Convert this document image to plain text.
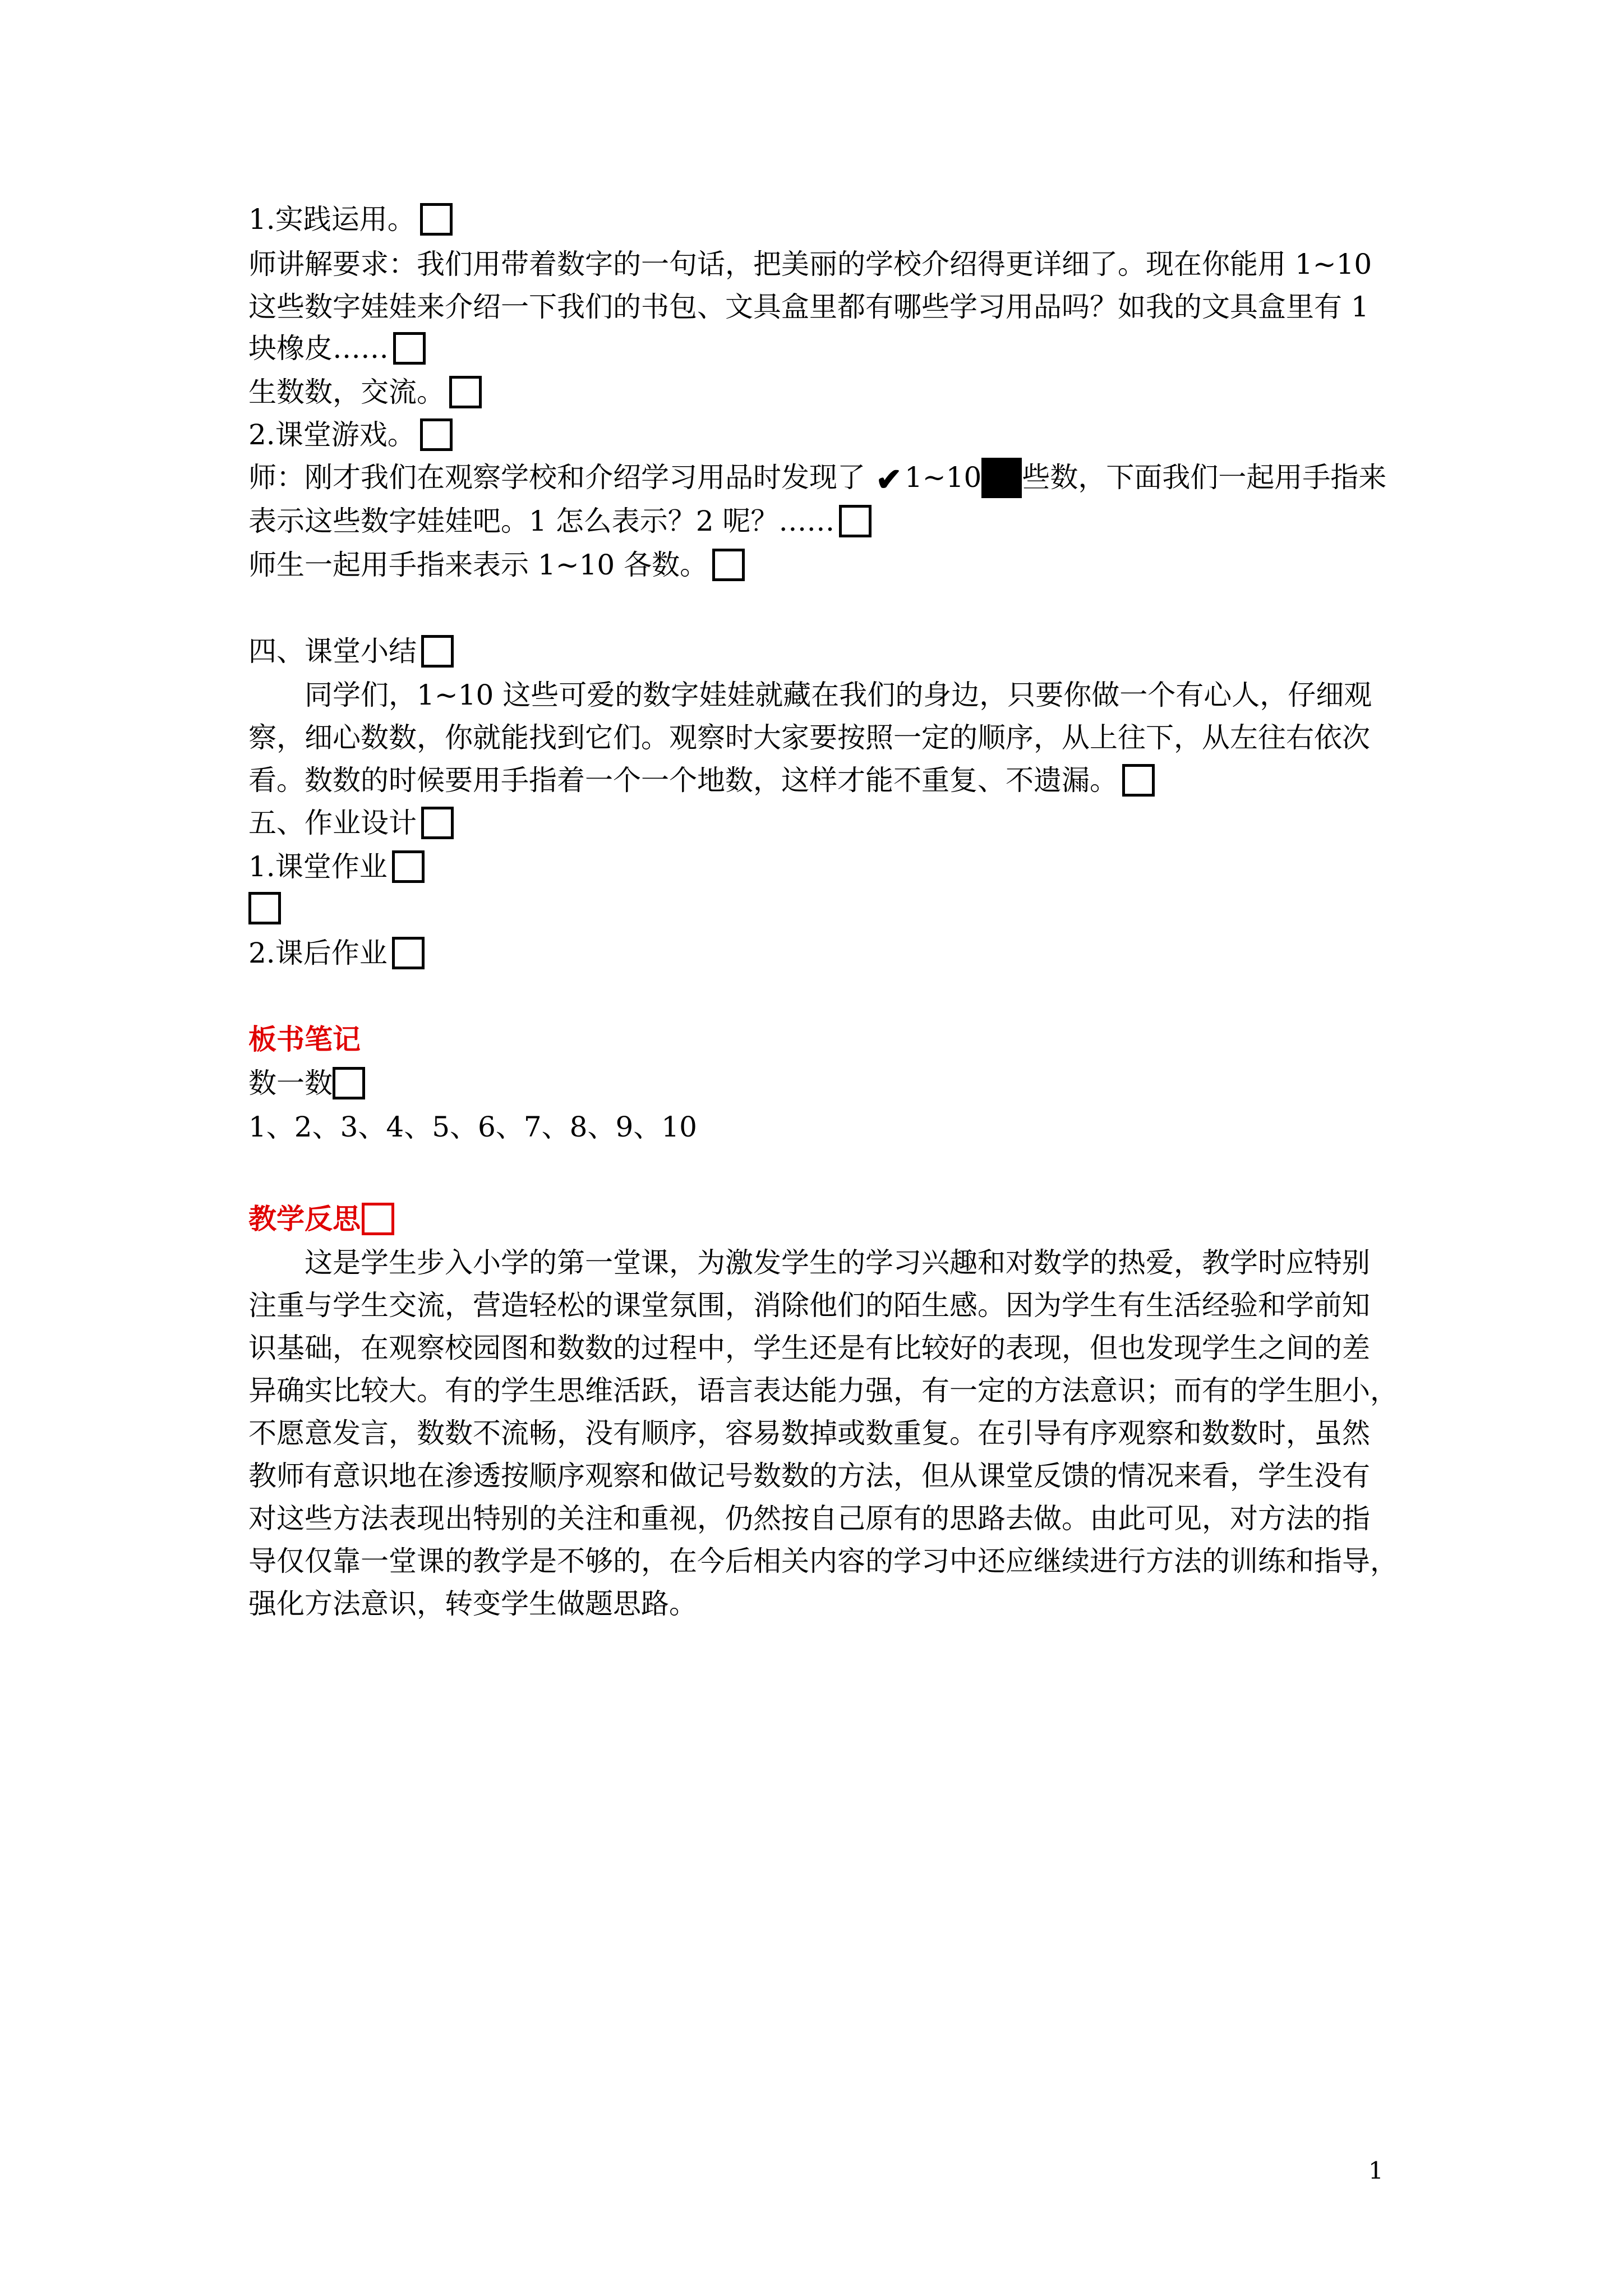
1.实践运用。
师讲解要求：我们用带着数字的一句话，把美丽的学校介绍得更详细了。现在你能用 1~10
这些数字娃娃来介绍一下我们的书包、文具盒里都有哪些学习用品吗？如我的文具盒里有 1
块橡皮……
生数数，交流。
2.课堂游戏。
师：刚才我们在观察学校和介绍学习用品时发现了 ✔1~10 些数，下面我们一起用手指来
表示这些数字娃娃吧。1 怎么表示？2 呢？……
师生一起用手指来表示 1~10 各数。
四、课堂小结
同学们，1~10 这些可爱的数字娃娃就藏在我们的身边，只要你做一个有心人，仔细观
察，细心数数，你就能找到它们。观察时大家要按照一定的顺序，从上往下，从左往右依次
看。数数的时候要用手指着一个一个地数，这样才能不重复、不遗漏。
五、作业设计
1.课堂作业
2.课后作业
板书笔记
数一数
1、2、3、4、5、6、7、8、9、10
教学反思
这是学生步入小学的第一堂课，为激发学生的学习兴趣和对数学的热爱，教学时应特别
注重与学生交流，营造轻松的课堂氛围，消除他们的陌生感。因为学生有生活经验和学前知
识基础，在观察校园图和数数的过程中，学生还是有比较好的表现，但也发现学生之间的差
异确实比较大。有的学生思维活跃，语言表达能力强，有一定的方法意识；而有的学生胆小，
不愿意发言，数数不流畅，没有顺序，容易数掉或数重复。在引导有序观察和数数时，虽然
教师有意识地在渗透按顺序观察和做记号数数的方法，但从课堂反馈的情况来看，学生没有
对这些方法表现出特别的关注和重视，仍然按自己原有的思路去做。由此可见，对方法的指
导仅仅靠一堂课的教学是不够的，在今后相关内容的学习中还应继续进行方法的训练和指导，
强化方法意识，转变学生做题思路。
1
